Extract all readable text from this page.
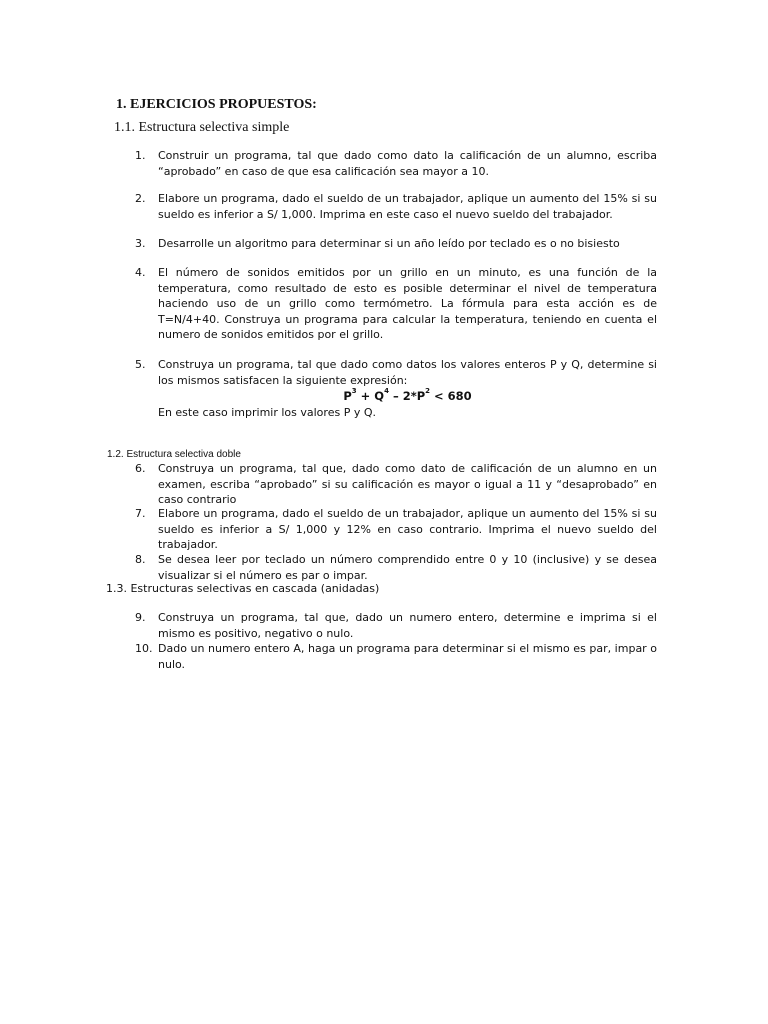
1. EJERCICIOS PROPUESTOS:
1.1. Estructura selectiva simple
1.	Construir un programa, tal que dado como dato la calificación de un alumno, escriba “aprobado” en caso de que esa calificación sea mayor a 10.

2.	Elabore un programa, dado el sueldo de un trabajador, aplique un aumento del 15% si su sueldo es inferior a S/ 1,000. Imprima en este caso el nuevo sueldo del trabajador.

3.	Desarrolle un algoritmo para determinar si un año leído por teclado es o no bisiesto

4.	El número de sonidos emitidos por un grillo en un minuto, es una función de la temperatura, como resultado de esto es posible determinar el nivel de temperatura haciendo uso de un grillo como termómetro. La fórmula para esta acción es de T=N/4+40. Construya un programa para calcular la temperatura, teniendo en cuenta el numero de sonidos emitidos por el grillo.

5.	Construya un programa, tal que dado como datos los valores enteros P y Q, determine si los mismos satisfacen la siguiente expresión:

$P^3 + Q^4 - 2*P^2 < 680$

En este caso imprimir los valores P y Q.

1.2. Estructura selectiva doble
6.	Construya un programa, tal que, dado como dato de calificación de un alumno en un examen, escriba “aprobado” si su calificación es mayor o igual a 11 y “desaprobado” en caso contrario

7.	Elabore un programa, dado el sueldo de un trabajador, aplique un aumento del 15% si su sueldo es inferior a S/ 1,000 y 12% en caso contrario. Imprima el nuevo sueldo del trabajador.

8.	Se desea leer por teclado un número comprendido entre 0 y 10 (inclusive) y se desea visualizar si el número es par o impar.

1.3. Estructuras selectivas en cascada (anidadas)
9.	Construya un programa, tal que, dado un numero entero, determine e imprima si el mismo es positivo, negativo o nulo.

10. Dado un numero entero A, haga un programa para determinar si el mismo es par, impar o nulo.
